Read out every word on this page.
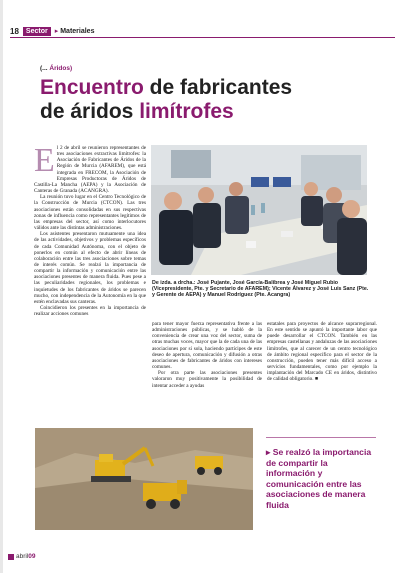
18	Sector	▸ Materiales
(... Áridos)
Encuentro de fabricantes
de áridos limítrofes

El 2 de abril se reunieron representantes de tres asociaciones extractivas limítrofes: la Asociación de Fabricantes de Áridos de la Región de Murcia (AFAREM), que está integrada en FRECOM, la Asociación de Empresas Productoras de Áridos de Castilla-La Mancha (AEPA) y la Asociación de Canteras de Granada (ACANGRA).

La reunión tuvo lugar en el Centro Tecnológico de la Construcción de Murcia (CTCON). Las tres asociaciones están consolidadas en sus respectivas zonas de influencia como representantes legítimos de las empresas del sector, así como interlocutores válidos ante las distintas administraciones.

Los asistentes presentaron mutuamente una idea de las actividades, objetivos y problemas específicos de cada Comunidad Autónoma, con el objeto de ponerlos en común al efecto de abrir líneas de colaboración entre las tres asociaciones sobre temas de interés común. Se realzó la importancia de compartir la información y comunicación entre las asociaciones presentes de manera fluida. Pues pese a las peculiaridades regionales, los problemas e inquietudes de los fabricantes de áridos se parecen mucho, con independencia de la Autonomía en la que estén enclavadas sus canteras.

Coincidieron los presentes en la importancia de realizar acciones comunes

De izda. a drcha.: José Pujante, José García-Balibrea y José Miguel Rubio (Vicepresidente, Pte. y Secretario de AFAREM); Vicente Álvarez y José Luis Sanz (Pte. y Gerente de AEPA) y Manuel Rodríguez (Pte. Acangra)

para tener mayor fuerza representativa frente a las administraciones públicas, y se habló de la conveniencia de crear una voz del sector, suma de otras muchas voces, mayor que la de cada una de las asociaciones por sí sola, haciendo partícipes de este deseo de apertura, comunicación y difusión a otras asociaciones de fabricantes de áridos con intereses comunes.

Por otra parte las asociaciones presentes valoraron muy positivamente la posibilidad de intentar acceder a ayudas

estatales para proyectos de alcance suprarregional. En este sentido se apuntó la importante labor que puede desarrollar el CTCON. También en las empresas castellanas y andaluzas de las asociaciones limítrofes, que al carecer de un centro tecnológico de ámbito regional específico para el sector de la construcción, pueden tener más difícil acceso a servicios fundamentales, como por ejemplo la implantación del Marcado CE en áridos, distintivo de calidad obligatorio. ■

▸ Se realzó la importancia de compartir la información y comunicación entre las asociaciones de manera fluida
abril 09
